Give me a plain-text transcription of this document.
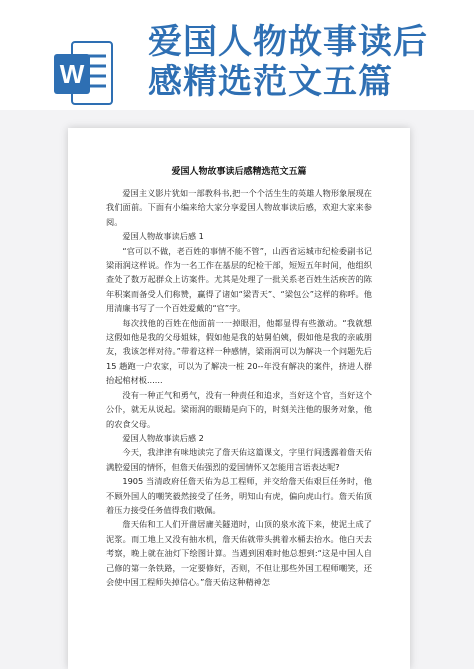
W
爱国人物故事读后
感精选范文五篇
爱国人物故事读后感精选范文五篇

爱国主义影片犹如一部教科书,把一个个活生生的英雄人物形象展现在我们面前。下面有小编来给大家分享爱国人物故事读后感，欢迎大家来参阅。

爱国人物故事读后感 1

“官可以不做，老百姓的事情不能不管”，山西省运城市纪检委副书记梁雨润这样说。作为一名工作在基层的纪检干部，短短五年时间，他组织查处了数万起群众上访案件。尤其是处理了一批关系老百姓生活疾苦的陈年积案而备受人们称赞，赢得了诸如“梁青天”、“梁包公”这样的称呼。他用清廉书写了一个百姓爱戴的“官”字。

每次找他的百姓在他面前一一掉眼泪，他都显得有些激动。“我就想这假如他是我的父母姐妹，假如他是我的姑舅伯姨，假如他是我的亲戚朋友，我该怎样对待。”带着这样一种感情，梁雨润可以为解决一个问题先后 15 趟跑一户农家，可以为了解决一桩 20--年没有解决的案件，挤进人群抬起棺材板......

没有一种正气和勇气，没有一种责任和追求，当好这个官，当好这个公仆，就无从说起。梁雨润的眼睛是向下的，时刻关注他的服务对象，他的农食父母。

爱国人物故事读后感 2

今天，我津津有味地读完了詹天佑这篇课文，字里行间透露着詹天佑满腔爱国的情怀，但詹天佑强烈的爱国情怀又怎能用言语表达呢?

1905 当清政府任詹天佑为总工程师，并交给詹天佑艰巨任务时，他不顾外国人的嘲笑毅然接受了任务，明知山有虎，偏向虎山行。詹天佑顶着压力接受任务值得我们敬佩。

詹天佑和工人们开凿居庸关隧道时，山顶的泉水流下来，使泥土成了泥浆。而工地上又没有抽水机，詹天佑就带头挑着水桶去抬水。他白天去考察，晚上就在油灯下绘图计算。当遇到困难时他总想到:“这是中国人自己修的第一条铁路，一定要修好，否则，不但让那些外国工程师嘲笑，还会使中国工程师失掉信心。”詹天佑这种精神怎
